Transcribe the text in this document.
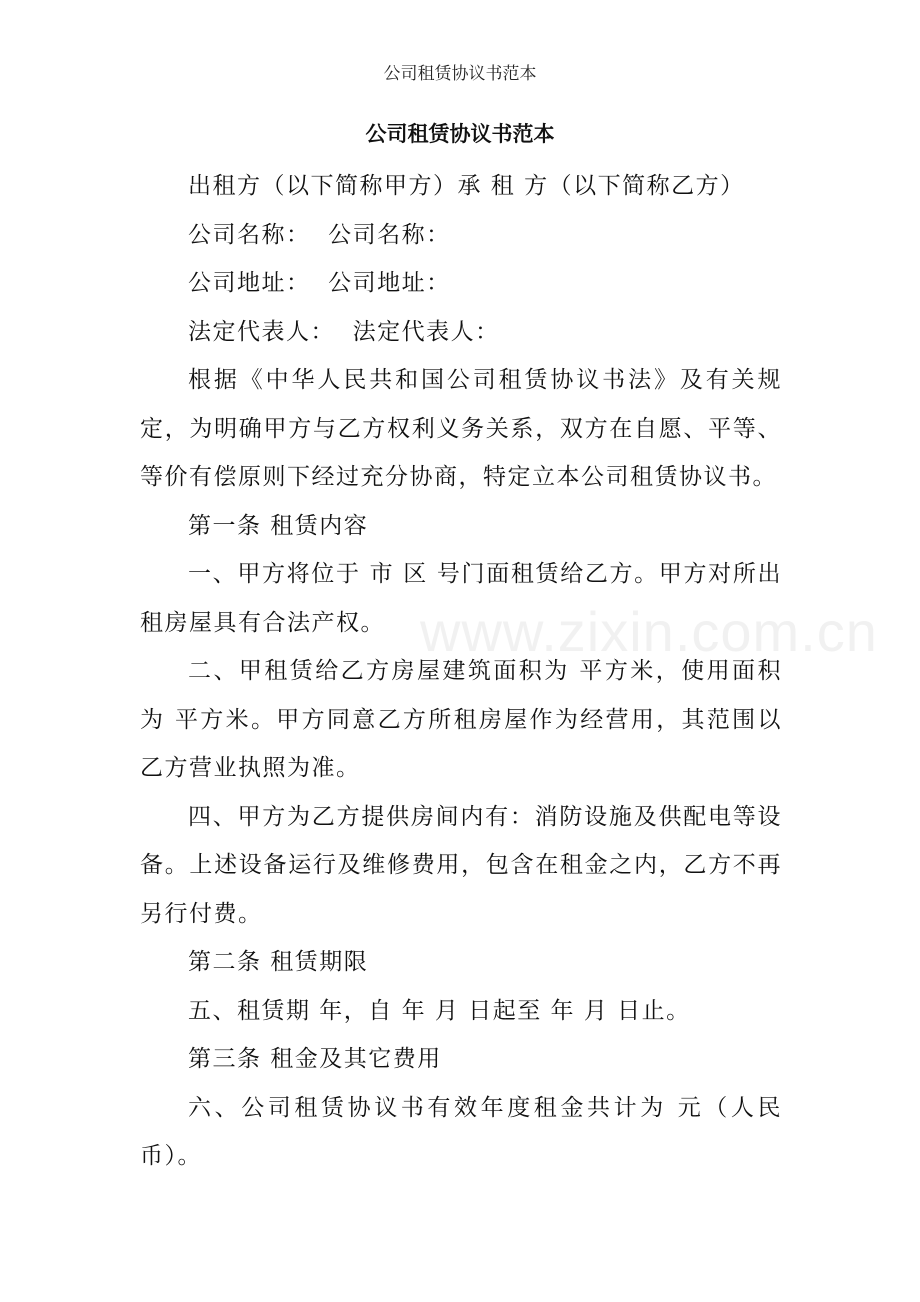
公司租赁协议书范本
公司租赁协议书范本

出租方（以下简称甲方）承 租 方（以下简称乙方）

公司名称：  公司名称：

公司地址：  公司地址：

法定代表人：  法定代表人：

根据《中华人民共和国公司租赁协议书法》及有关规定，为明确甲方与乙方权利义务关系，双方在自愿、平等、等价有偿原则下经过充分协商，特定立本公司租赁协议书。

第一条 租赁内容

一、甲方将位于 市 区 号门面租赁给乙方。甲方对所出租房屋具有合法产权。

二、甲租赁给乙方房屋建筑面积为 平方米，使用面积为 平方米。甲方同意乙方所租房屋作为经营用，其范围以乙方营业执照为准。

四、甲方为乙方提供房间内有：消防设施及供配电等设备。上述设备运行及维修费用，包含在租金之内，乙方不再另行付费。

第二条 租赁期限

五、租赁期 年，自 年 月 日起至 年 月 日止。

第三条 租金及其它费用

六、公司租赁协议书有效年度租金共计为 元（人民币）。

www.zixin.com.cn
